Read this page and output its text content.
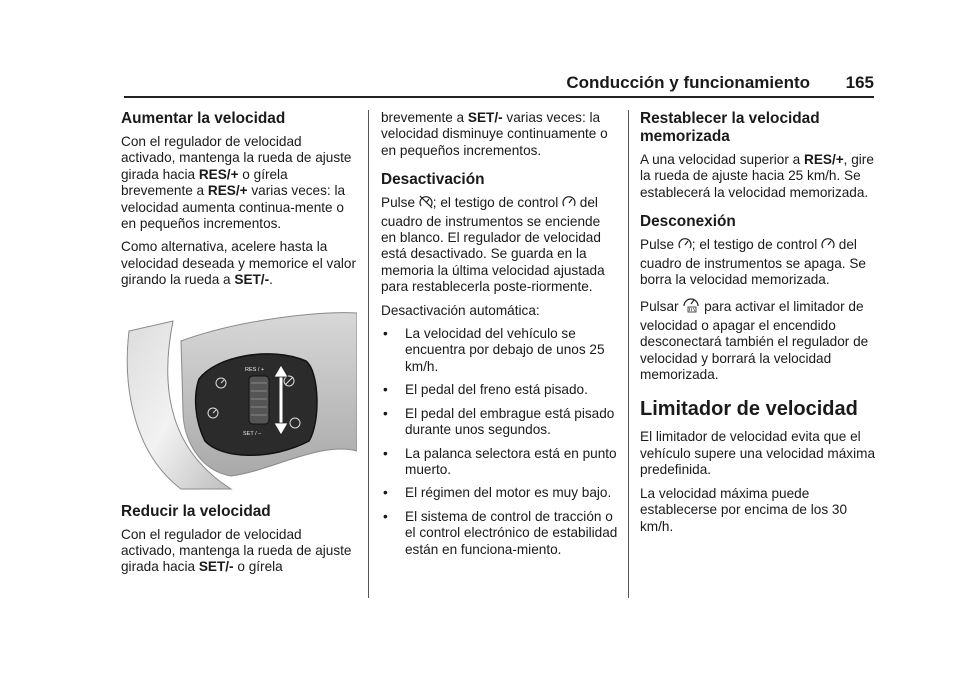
Conducción y funcionamiento 165
Aumentar la velocidad

Con el regulador de velocidad activado, mantenga la rueda de ajuste girada hacia RES/+ o gírela brevemente a RES/+ varias veces: la velocidad aumenta continua-mente o en pequeños incrementos.

Como alternativa, acelere hasta la velocidad deseada y memorice el valor girando la rueda a SET/-.

RES / +
SET / –
Reducir la velocidad

Con el regulador de velocidad activado, mantenga la rueda de ajuste girada hacia SET/- o gírela

brevemente a SET/- varias veces: la velocidad disminuye continuamente o en pequeños incrementos.

Desactivación

Pulse ; el testigo de control  del cuadro de instrumentos se enciende en blanco. El regulador de velocidad está desactivado. Se guarda en la memoria la última velocidad ajustada para restablecerla poste-riormente.

Desactivación automática:

•	La velocidad del vehículo se encuentra por debajo de unos 25 km/h.
•	El pedal del freno está pisado.
•	El pedal del embrague está pisado durante unos segundos.
•	La palanca selectora está en punto muerto.
•	El régimen del motor es muy bajo.
•	El sistema de control de tracción o el control electrónico de estabilidad están en funciona-miento.
Restablecer la velocidad memorizada

A una velocidad superior a RES/+, gire la rueda de ajuste hacia 25 km/h. Se establecerá la velocidad memorizada.

Desconexión

Pulse ; el testigo de control  del cuadro de instrumentos se apaga. Se borra la velocidad memorizada.

Pulsar  para activar el limitador de velocidad o apagar el encendido desconectará también el regulador de velocidad y borrará la velocidad memorizada.

Limitador de velocidad

El limitador de velocidad evita que el vehículo supere una velocidad máxima predefinida.

La velocidad máxima puede establecerse por encima de los 30 km/h.
